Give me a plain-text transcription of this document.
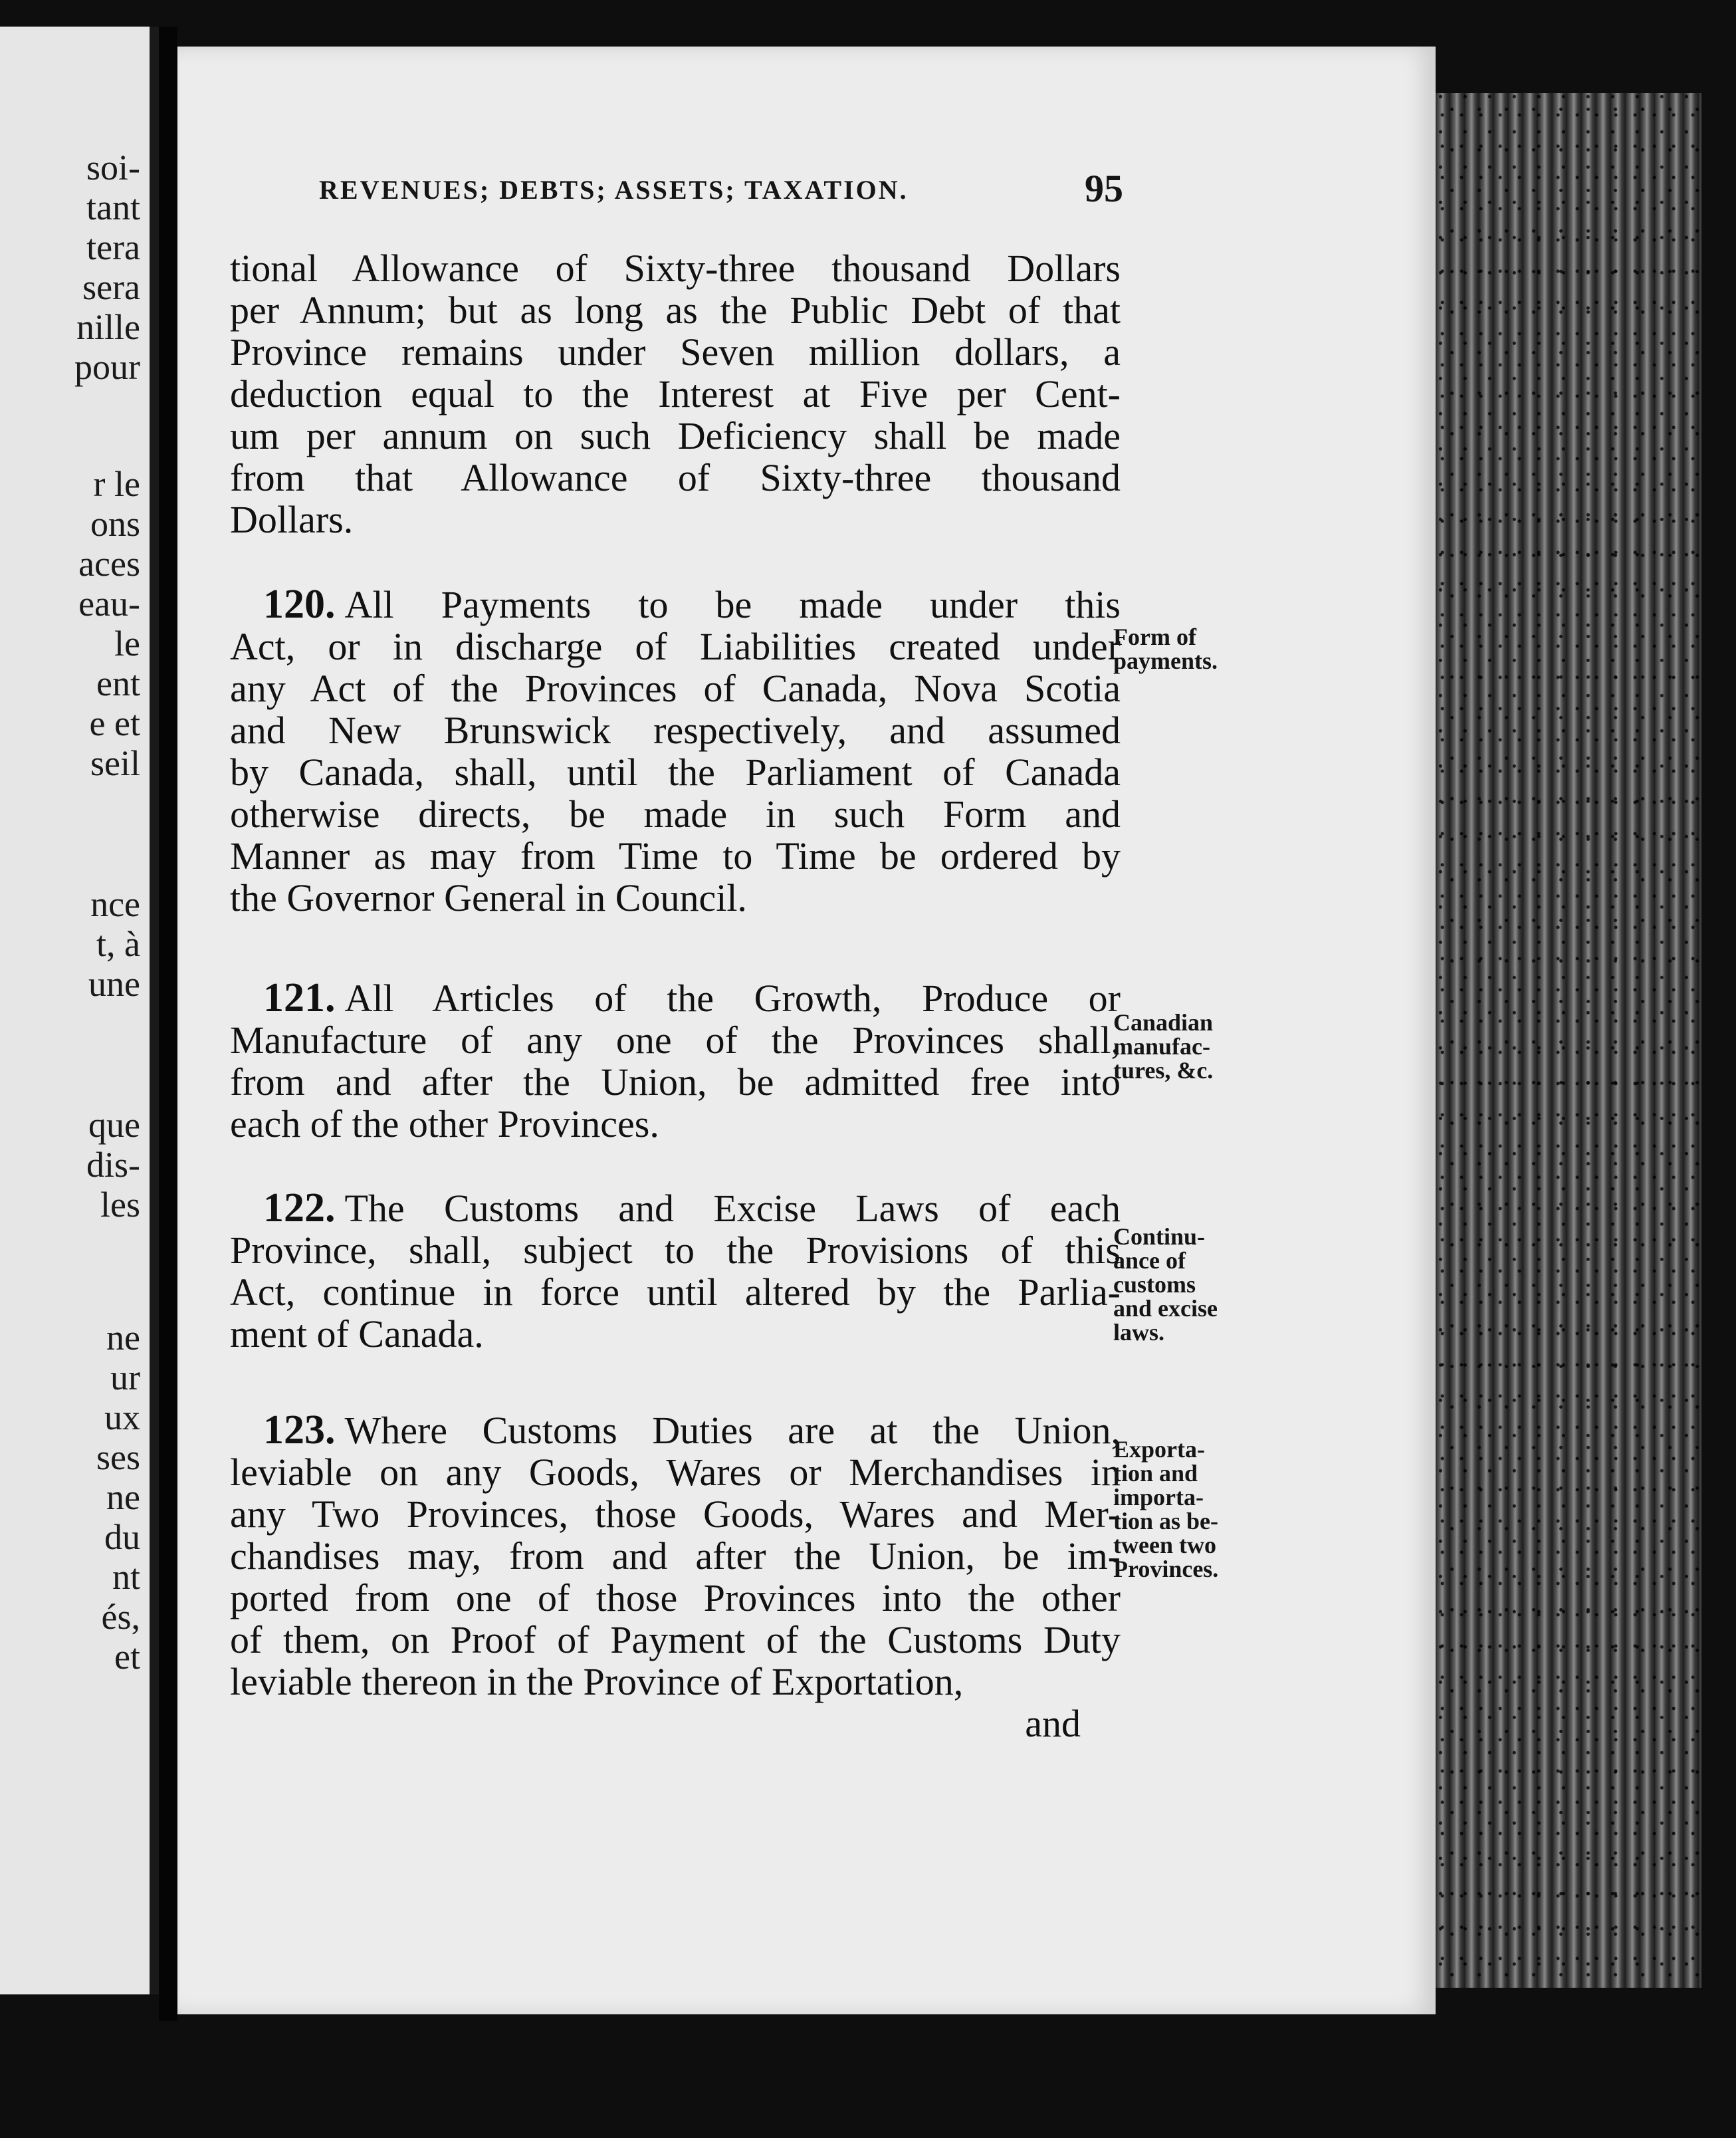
soi-
tant
tera
sera
nille
pour
r le
ons
aces
eau-
le
ent
e et
seil
nce
t, à
une
que
dis-
les
ne
ur
ux
ses
ne
du
nt
és,
et
REVENUES; DEBTS; ASSETS; TAXATION.	95
tional Allowance of Sixty-three thousand Dollars
per Annum; but as long as the Public Debt of that
Province remains under Seven million dollars, a
deduction equal to the Interest at Five per Cent-
um per annum on such Deficiency shall be made
from that Allowance of Sixty-three thousand
Dollars.
120. All Payments to be made under this
Act, or in discharge of Liabilities created under
any Act of the Provinces of Canada, Nova Scotia
and New Brunswick respectively, and assumed
by Canada, shall, until the Parliament of Canada
otherwise directs, be made in such Form and
Manner as may from Time to Time be ordered by
the Governor General in Council.
Form of
payments.
121. All Articles of the Growth, Produce or
Manufacture of any one of the Provinces shall,
from and after the Union, be admitted free into
each of the other Provinces.
Canadian
manufac-
tures, &c.
122. The Customs and Excise Laws of each
Province, shall, subject to the Provisions of this
Act, continue in force until altered by the Parlia-
ment of Canada.
Continu-
ance of
customs
and excise
laws.
123. Where Customs Duties are at the Union,
leviable on any Goods, Wares or Merchandises in
any Two Provinces, those Goods, Wares and Mer-
chandises may, from and after the Union, be im-
ported from one of those Provinces into the other
of them, on Proof of Payment of the Customs Duty
leviable thereon in the Province of Exportation,
and
Exporta-
tion and
importa-
tion as be-
tween two
Provinces.
